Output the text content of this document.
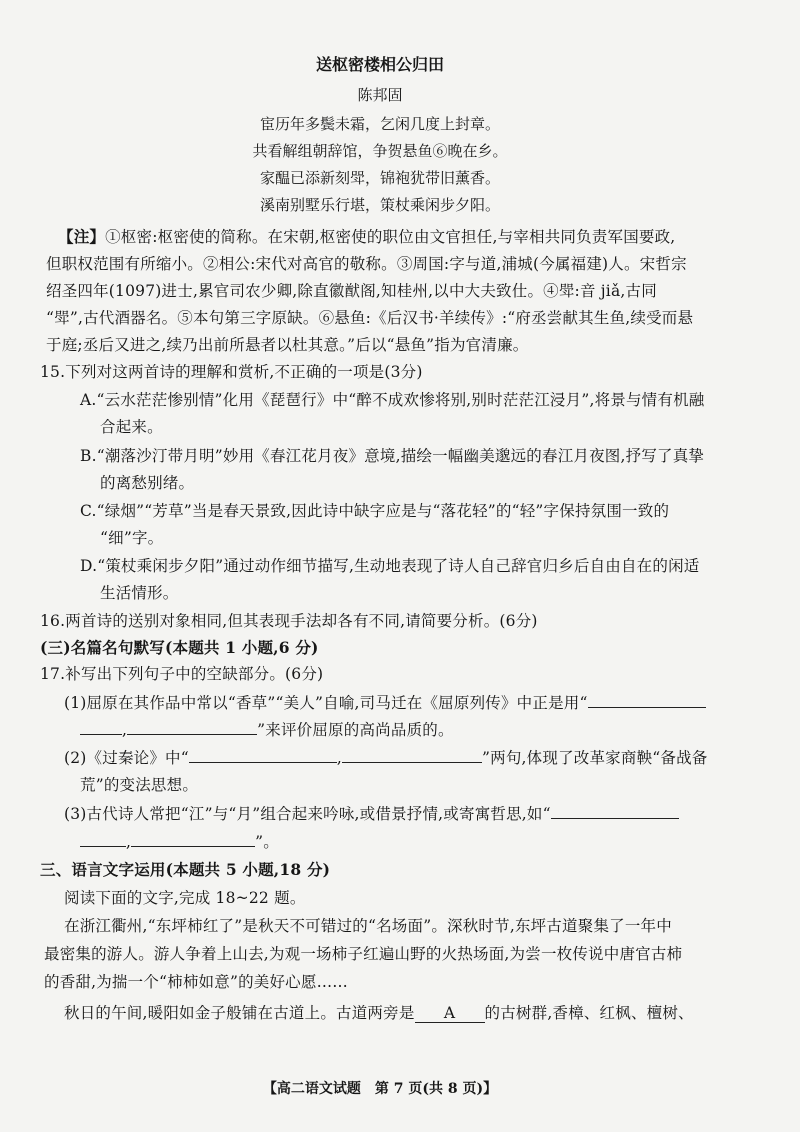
送枢密楼相公归田
陈邦固
宦历年多鬓未霜，乞闲几度上封章。
共看解组朝辞馆，争贺悬鱼⑥晚在乡。
家醖已添新刻斝，锦袍犹带旧薰香。
溪南别墅乐行堪，策杖乘闲步夕阳。
【注】①枢密:枢密使的简称。在宋朝,枢密使的职位由文官担任,与宰相共同负责军国要政,
但职权范围有所缩小。②相公:宋代对高官的敬称。③周国:字与道,浦城(今属福建)人。宋哲宗
绍圣四年(1097)进士,累官司农少卿,除直徽猷阁,知桂州,以中大夫致仕。④斝:音 jiǎ,古同
“斝”,古代酒器名。⑤本句第三字原缺。⑥悬鱼:《后汉书·羊续传》:“府丞尝献其生鱼,续受而悬
于庭;丞后又进之,续乃出前所悬者以杜其意。”后以“悬鱼”指为官清廉。
15.下列对这两首诗的理解和赏析,不正确的一项是(3分)
A.“云水茫茫惨别情”化用《琵琶行》中“醉不成欢惨将别,别时茫茫江浸月”,将景与情有机融
合起来。
B.“潮落沙汀带月明”妙用《春江花月夜》意境,描绘一幅幽美邈远的春江月夜图,抒写了真挚
的离愁别绪。
C.“绿烟”“芳草”当是春天景致,因此诗中缺字应是与“落花轻”的“轻”字保持氛围一致的
“细”字。
D.“策杖乘闲步夕阳”通过动作细节描写,生动地表现了诗人自己辞官归乡后自由自在的闲适
生活情形。
16.两首诗的送别对象相同,但其表现手法却各有不同,请简要分析。(6分)
(三)名篇名句默写(本题共 1 小题,6 分)
17.补写出下列句子中的空缺部分。(6分)
(1)屈原在其作品中常以“香草”“美人”自喻,司马迁在《屈原列传》中正是用“
,	”来评价屈原的高尚品质的。
(2)《过秦论》中“	,	”两句,体现了改革家商鞅“备战备
荒”的变法思想。
(3)古代诗人常把“江”与“月”组合起来吟咏,或借景抒情,或寄寓哲思,如“
,	”。
三、语言文字运用(本题共 5 小题,18 分)
阅读下面的文字,完成 18~22 题。
在浙江衢州,“东坪柿红了”是秋天不可错过的“名场面”。深秋时节,东坪古道聚集了一年中
最密集的游人。游人争着上山去,为观一场柿子红遍山野的火热场面,为尝一枚传说中唐官古柿
的香甜,为揣一个“柿柿如意”的美好心愿……
秋日的午间,暖阳如金子般铺在古道上。古道两旁是 A 的古树群,香樟、红枫、檀树、
【高二语文试题　第 7 页(共 8 页)】
